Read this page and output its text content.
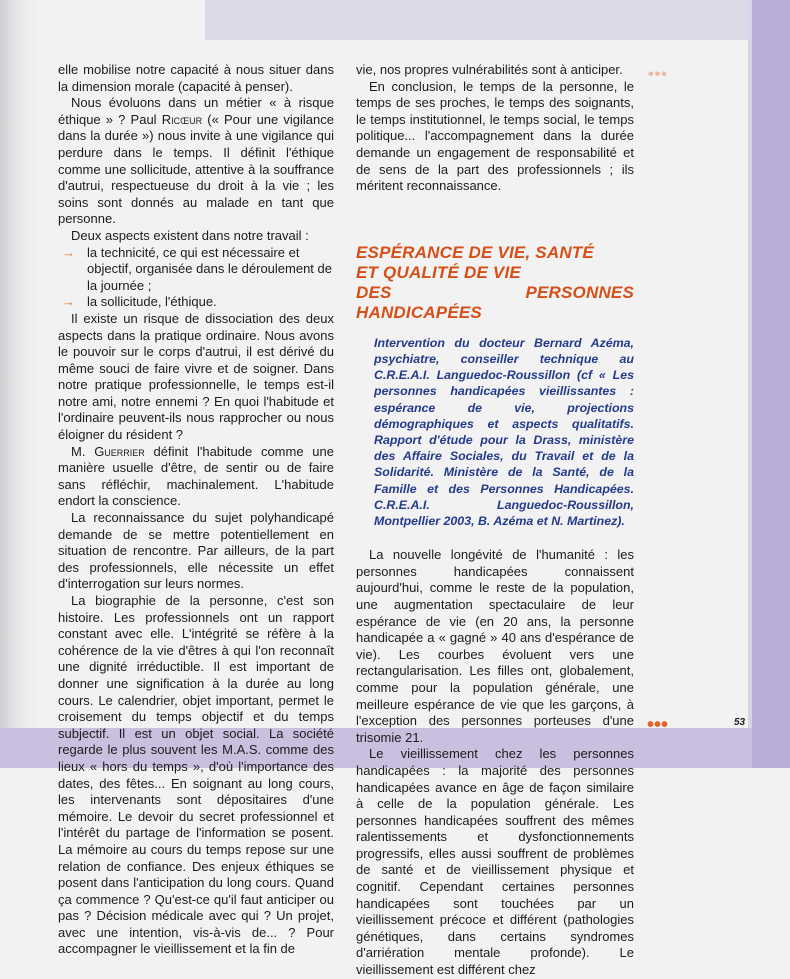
elle mobilise notre capacité à nous situer dans la dimension morale (capacité à penser).

Nous évoluons dans un métier « à risque éthique » ? Paul Ricœur (« Pour une vigilance dans la durée ») nous invite à une vigilance qui perdure dans le temps. Il définit l'éthique comme une sollicitude, attentive à la souffrance d'autrui, respectueuse du droit à la vie ; les soins sont donnés au malade en tant que personne.

Deux aspects existent dans notre travail :

→ la technicité, ce qui est nécessaire et objectif, organisée dans le déroulement de la journée ;
→ la sollicitude, l'éthique.

Il existe un risque de dissociation des deux aspects dans la pratique ordinaire. Nous avons le pouvoir sur le corps d'autrui, il est dérivé du même souci de faire vivre et de soigner. Dans notre pratique professionnelle, le temps est-il notre ami, notre ennemi ? En quoi l'habitude et l'ordinaire peuvent-ils nous rapprocher ou nous éloigner du résident ?

M. Guerrier définit l'habitude comme une manière usuelle d'être, de sentir ou de faire sans réfléchir, machinalement. L'habitude endort la conscience.

La reconnaissance du sujet polyhandicapé demande de se mettre potentiellement en situation de rencontre. Par ailleurs, de la part des professionnels, elle nécessite un effet d'interrogation sur leurs normes.

La biographie de la personne, c'est son histoire. Les professionnels ont un rapport constant avec elle. L'intégrité se réfère à la cohérence de la vie d'êtres à qui l'on reconnaît une dignité irréductible. Il est important de donner une signification à la durée au long cours. Le calendrier, objet important, permet le croisement du temps objectif et du temps subjectif. Il est un objet social. La société regarde le plus souvent les M.A.S. comme des lieux « hors du temps », d'où l'importance des dates, des fêtes... En soignant au long cours, les intervenants sont dépositaires d'une mémoire. Le devoir du secret professionnel et l'intérêt du partage de l'information se posent. La mémoire au cours du temps repose sur une relation de confiance. Des enjeux éthiques se posent dans l'anticipation du long cours. Quand ça commence ? Qu'est-ce qu'il faut anticiper ou pas ? Décision médicale avec qui ? Un projet, avec une intention, vis-à-vis de... ? Pour accompagner le vieillissement et la fin de

vie, nos propres vulnérabilités sont à anticiper.

En conclusion, le temps de la personne, le temps de ses proches, le temps des soignants, le temps institutionnel, le temps social, le temps politique... l'accompagnement dans la durée demande un engagement de responsabilité et de sens de la part des professionnels ; ils méritent reconnaissance.

ESPÉRANCE DE VIE, SANTÉ
ET QUALITÉ DE VIE
DES PERSONNES HANDICAPÉES

Intervention du docteur Bernard Azéma, psychiatre, conseiller technique au C.R.E.A.I. Languedoc-Roussillon (cf « Les personnes handicapées vieillissantes : espérance de vie, projections démographiques et aspects qualitatifs. Rapport d'étude pour la Drass, ministère des Affaire Sociales, du Travail et de la Solidarité. Ministère de la Santé, de la Famille et des Personnes Handicapées. C.R.E.A.I. Languedoc-Roussillon, Montpellier 2003, B. Azéma et N. Martinez).

La nouvelle longévité de l'humanité : les personnes handicapées connaissent aujourd'hui, comme le reste de la population, une augmentation spectaculaire de leur espérance de vie (en 20 ans, la personne handicapée a « gagné » 40 ans d'espérance de vie). Les courbes évoluent vers une rectangularisation. Les filles ont, globalement, comme pour la population générale, une meilleure espérance de vie que les garçons, à l'exception des personnes porteuses d'une trisomie 21.

Le vieillissement chez les personnes handicapées : la majorité des personnes handicapées avance en âge de façon similaire à celle de la population générale. Les personnes handicapées souffrent des mêmes ralentissements et dysfonctionnements progressifs, elles aussi souffrent de problèmes de santé et de vieillissement physique et cognitif. Cependant certaines personnes handicapées sont touchées par un vieillissement précoce et différent (pathologies génétiques, dans certains syndromes d'arriération mentale profonde). Le vieillissement est différent chez

•••
•••	53
